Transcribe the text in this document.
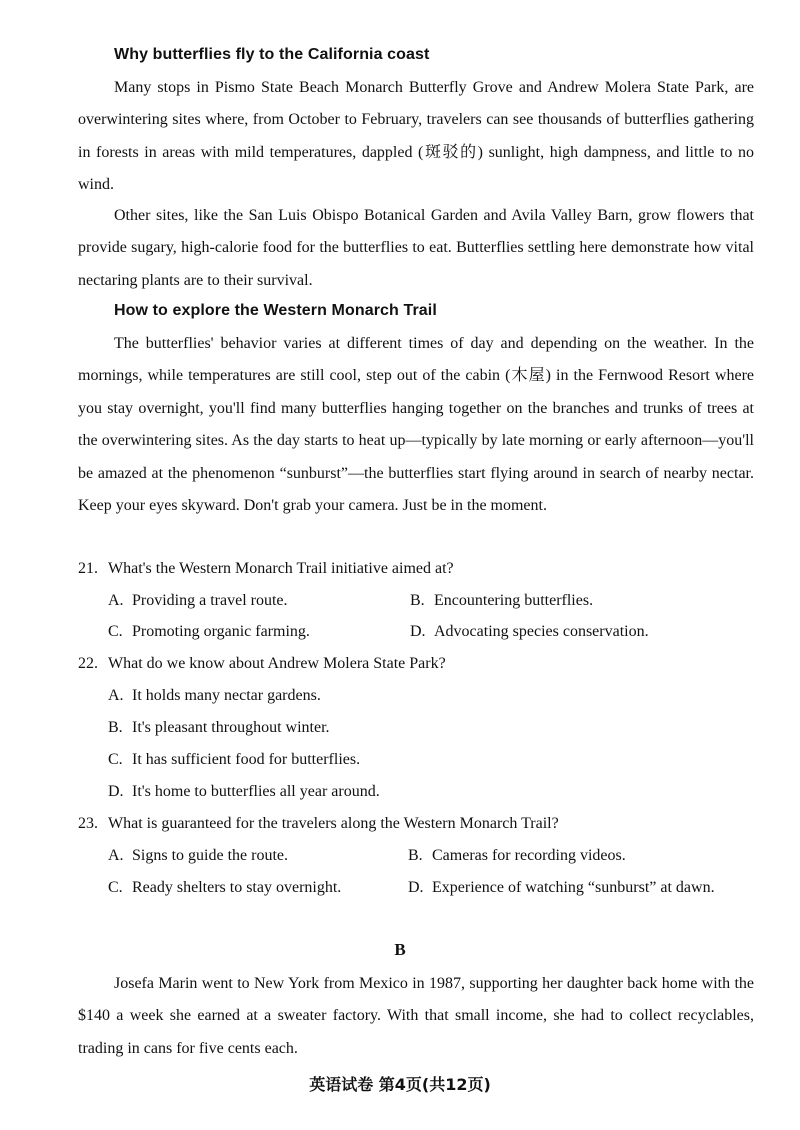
Why butterflies fly to the California coast
Many stops in Pismo State Beach Monarch Butterfly Grove and Andrew Molera State Park, are overwintering sites where, from October to February, travelers can see thousands of butterflies gathering in forests in areas with mild temperatures, dappled (斑驳的) sunlight, high dampness, and little to no wind.
Other sites, like the San Luis Obispo Botanical Garden and Avila Valley Barn, grow flowers that provide sugary, high-calorie food for the butterflies to eat. Butterflies settling here demonstrate how vital nectaring plants are to their survival.
How to explore the Western Monarch Trail
The butterflies' behavior varies at different times of day and depending on the weather. In the mornings, while temperatures are still cool, step out of the cabin (木屋) in the Fernwood Resort where you stay overnight, you'll find many butterflies hanging together on the branches and trunks of trees at the overwintering sites. As the day starts to heat up—typically by late morning or early afternoon—you'll be amazed at the phenomenon “sunburst”—the butterflies start flying around in search of nearby nectar. Keep your eyes skyward. Don't grab your camera. Just be in the moment.
21. What's the Western Monarch Trail initiative aimed at?
A. Providing a travel route.	B. Encountering butterflies.
C. Promoting organic farming.	D. Advocating species conservation.
22. What do we know about Andrew Molera State Park?
A. It holds many nectar gardens.
B. It's pleasant throughout winter.
C. It has sufficient food for butterflies.
D. It's home to butterflies all year around.
23. What is guaranteed for the travelers along the Western Monarch Trail?
A. Signs to guide the route.	B. Cameras for recording videos.
C. Ready shelters to stay overnight.	D. Experience of watching “sunburst” at dawn.
B
Josefa Marin went to New York from Mexico in 1987, supporting her daughter back home with the $140 a week she earned at a sweater factory. With that small income, she had to collect recyclables, trading in cans for five cents each.
英语试卷 第4页(共12页)
